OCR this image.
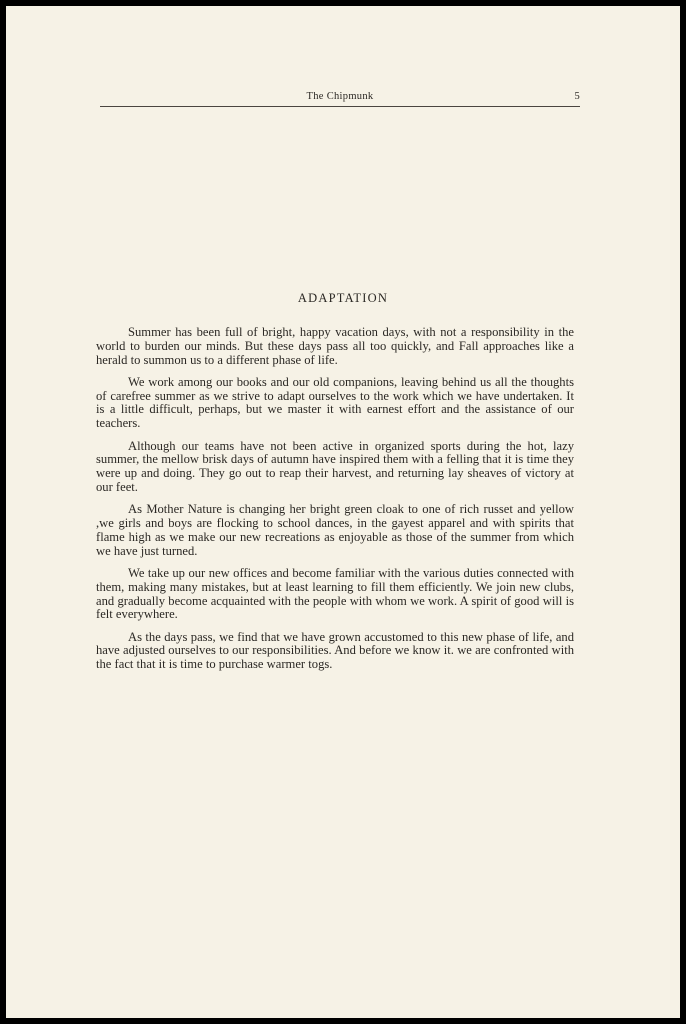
The Chipmunk	5
ADAPTATION

Summer has been full of bright, happy vacation days, with not a responsibility in the world to burden our minds. But these days pass all too quickly, and Fall approaches like a herald to summon us to a different phase of life.

We work among our books and our old companions, leaving behind us all the thoughts of carefree summer as we strive to adapt ourselves to the work which we have undertaken. It is a little difficult, perhaps, but we master it with earnest effort and the assistance of our teachers.

Although our teams have not been active in organized sports during the hot, lazy summer, the mellow brisk days of autumn have inspired them with a felling that it is time they were up and doing. They go out to reap their harvest, and returning lay sheaves of victory at our feet.

As Mother Nature is changing her bright green cloak to one of rich russet and yellow ,we girls and boys are flocking to school dances, in the gayest apparel and with spirits that flame high as we make our new recreations as enjoyable as those of the summer from which we have just turned.

We take up our new offices and become familiar with the various duties connected with them, making many mistakes, but at least learning to fill them efficiently. We join new clubs, and gradually become acquainted with the people with whom we work. A spirit of good will is felt everywhere.

As the days pass, we find that we have grown accustomed to this new phase of life, and have adjusted ourselves to our responsibilities. And before we know it. we are confronted with the fact that it is time to purchase warmer togs.
